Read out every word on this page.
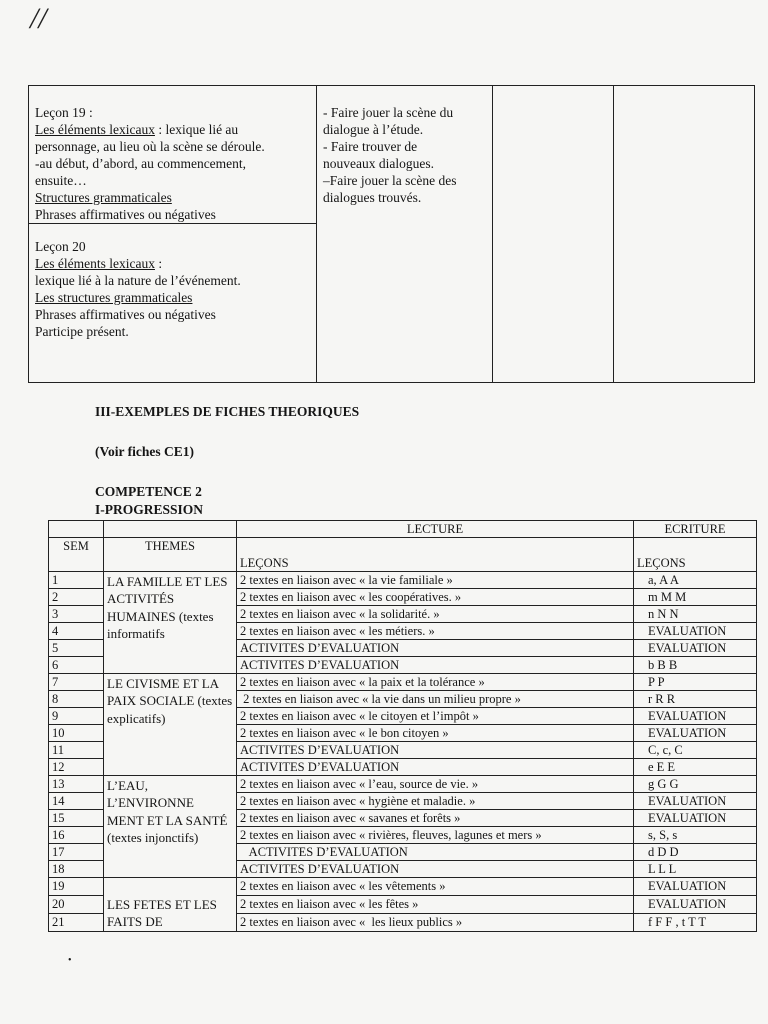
//
Leçon 19 :
Les éléments lexicaux : lexique lié au
personnage, au lieu où la scène se déroule.
-au début, d’abord, au commencement,
ensuite…
Structures grammaticales
Phrases affirmatives ou négatives

- Faire jouer la scène du
dialogue à l’étude.
- Faire trouver de
nouveaux dialogues.
–Faire jouer la scène des
dialogues trouvés.

Leçon 20
Les éléments lexicaux :
lexique lié à la nature de l’événement.
Les structures grammaticales
Phrases affirmatives ou négatives
Participe présent.
III-EXEMPLES DE FICHES THEORIQUES
(Voir fiches CE1)
COMPETENCE 2
I-PROGRESSION
		LECTURE	ECRITURE
SEM	THEMES	LEÇONS	LEÇONS
1	LA FAMILLE ET LES ACTIVITÉS HUMAINES (textes informatifs	2 textes en liaison avec « la vie familiale »	a, A A
2		2 textes en liaison avec « les coopératives. »	m M M
3		2 textes en liaison avec « la solidarité. »	n N N
4		2 textes en liaison avec « les métiers. »	EVALUATION
5		ACTIVITES D’EVALUATION	EVALUATION
6		ACTIVITES D’EVALUATION	b B B
7	LE CIVISME ET LA PAIX SOCIALE (textes explicatifs)	2 textes en liaison avec « la paix et la tolérance »	P P
8		2 textes en liaison avec « la vie dans un milieu propre »	r R R
9		2 textes en liaison avec « le citoyen et l’impôt »	EVALUATION
10		2 textes en liaison avec « le bon citoyen »	EVALUATION
11		ACTIVITES D’EVALUATION	C, c, C
12		ACTIVITES D’EVALUATION	e E E
13	L’EAU, L’ENVIRONNE MENT ET LA SANTÉ (textes injonctifs)	2 textes en liaison avec « l’eau, source de vie. »	g G G
14		2 textes en liaison avec « hygiène et maladie. »	EVALUATION
15		2 textes en liaison avec « savanes et forêts »	EVALUATION
16		2 textes en liaison avec « rivières, fleuves, lagunes et mers »	s, S, s
17		ACTIVITES D’EVALUATION	d D D
18		ACTIVITES D’EVALUATION	L L L
19	LES FETES ET LES FAITS DE	2 textes en liaison avec « les vêtements »	EVALUATION
20		2 textes en liaison avec « les fêtes »	EVALUATION
21		2 textes en liaison avec «  les lieux publics »	f F F , t T T
•
